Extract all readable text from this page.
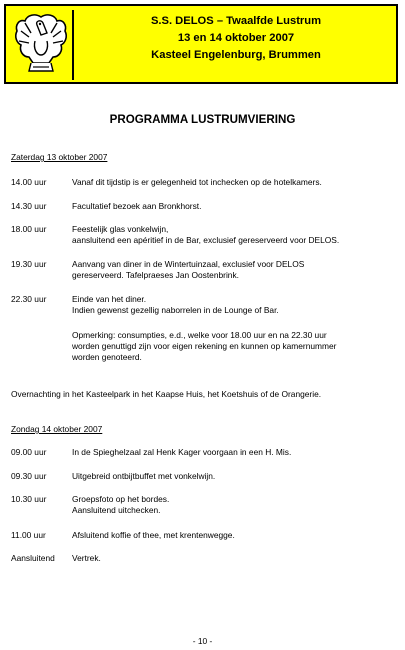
S.S. DELOS – Twaalfde Lustrum
13 en 14 oktober 2007
Kasteel Engelenburg, Brummen
PROGRAMMA LUSTRUMVIERING
Zaterdag 13 oktober 2007
14.00 uur	Vanaf dit tijdstip is er gelegenheid tot inchecken op de hotelkamers.
14.30 uur	Facultatief bezoek aan Bronkhorst.
18.00 uur	Feestelijk glas vonkelwijn,
aansluitend een apéritief in de Bar, exclusief gereserveerd voor DELOS.
19.30 uur	Aanvang van diner in de Wintertuinzaal, exclusief voor DELOS
gereserveerd. Tafelpraeses Jan Oostenbrink.
22.30 uur	Einde van het diner.
Indien gewenst gezellig naborrelen in de Lounge of Bar.
Opmerking: consumpties, e.d., welke voor 18.00 uur en na 22.30 uur
worden genuttigd zijn voor eigen rekening en kunnen op kamernummer
worden genoteerd.
Overnachting in het Kasteelpark in het Kaapse Huis, het Koetshuis of de Orangerie.
Zondag 14 oktober 2007
09.00 uur	In de Spieghelzaal zal Henk Kager voorgaan in een H. Mis.
09.30 uur	Uitgebreid ontbijtbuffet met vonkelwijn.
10.30 uur	Groepsfoto op het bordes.
Aansluitend uitchecken.
11.00 uur	Afsluitend koffie of thee, met krentenwegge.
Aansluitend	Vertrek.
- 10 -
